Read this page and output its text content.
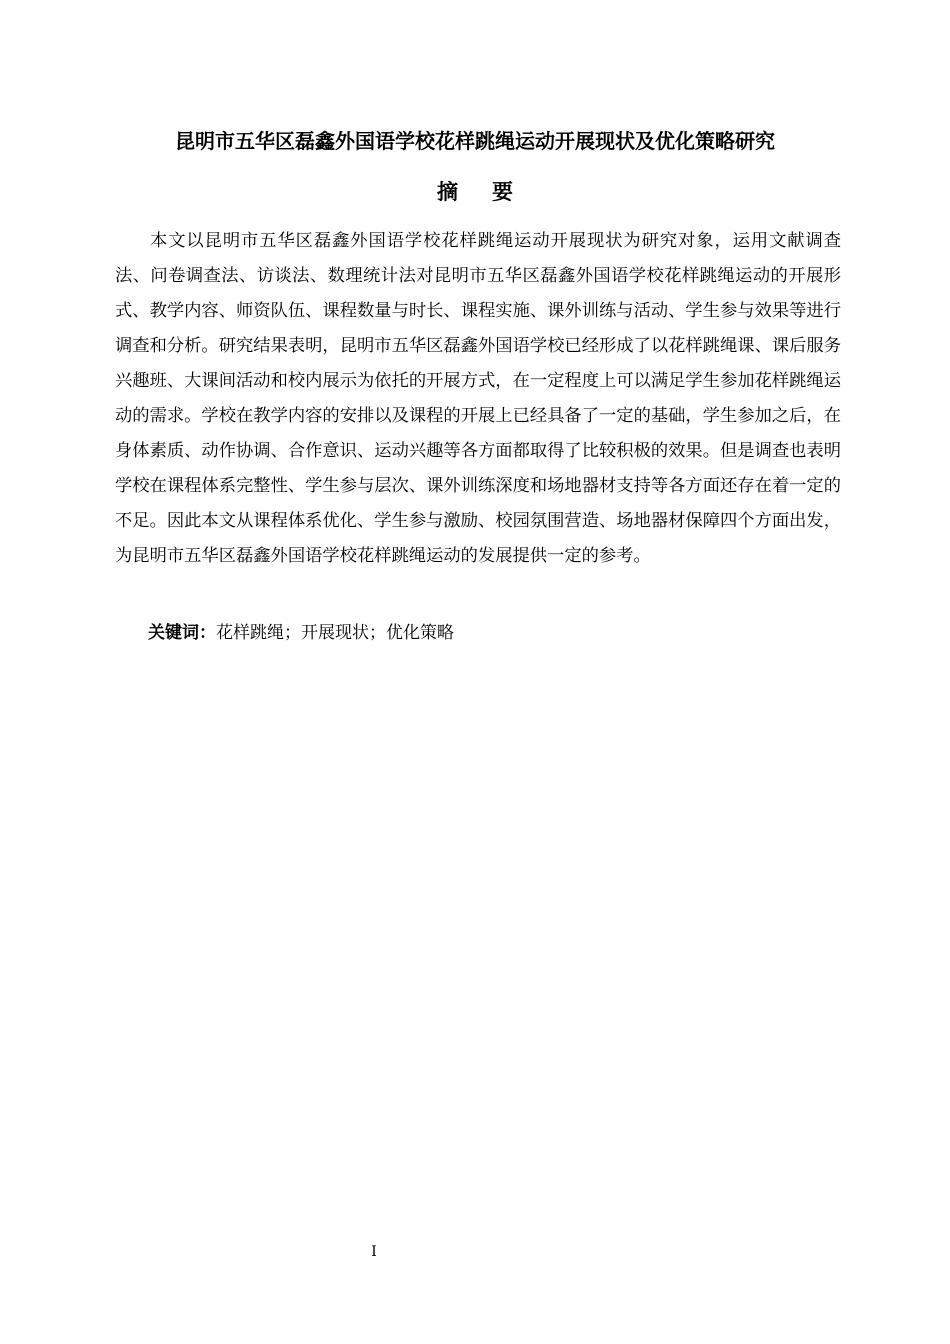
昆明市五华区磊鑫外国语学校花样跳绳运动开展现状及优化策略研究
摘 要

本文以昆明市五华区磊鑫外国语学校花样跳绳运动开展现状为研究对象，运用文献调查法、问卷调查法、访谈法、数理统计法对昆明市五华区磊鑫外国语学校花样跳绳运动的开展形式、教学内容、师资队伍、课程数量与时长、课程实施、课外训练与活动、学生参与效果等进行调查和分析。研究结果表明，昆明市五华区磊鑫外国语学校已经形成了以花样跳绳课、课后服务兴趣班、大课间活动和校内展示为依托的开展方式，在一定程度上可以满足学生参加花样跳绳运动的需求。学校在教学内容的安排以及课程的开展上已经具备了一定的基础，学生参加之后，在身体素质、动作协调、合作意识、运动兴趣等各方面都取得了比较积极的效果。但是调查也表明学校在课程体系完整性、学生参与层次、课外训练深度和场地器材支持等各方面还存在着一定的不足。因此本文从课程体系优化、学生参与激励、校园氛围营造、场地器材保障四个方面出发，为昆明市五华区磊鑫外国语学校花样跳绳运动的发展提供一定的参考。

关键词：花样跳绳；开展现状；优化策略

I
